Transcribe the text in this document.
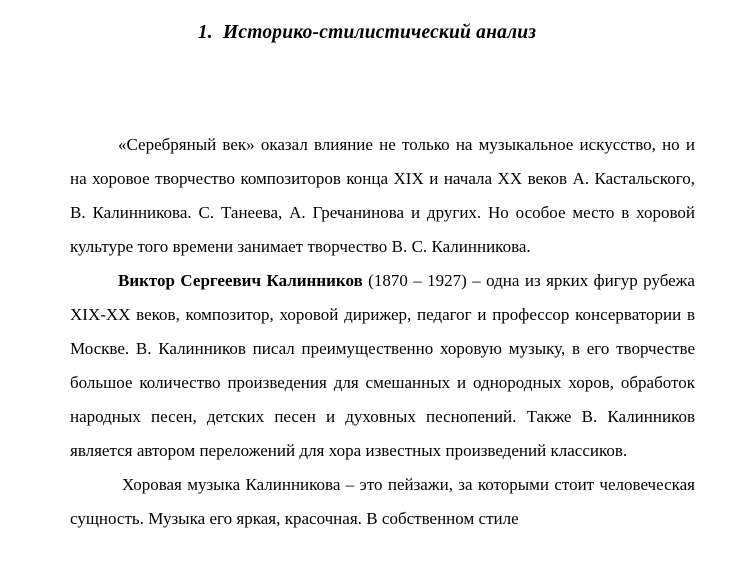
1.  Историко-стилистический анализ

«Серебряный век» оказал влияние не только на музыкальное искусство, но и на хоровое творчество композиторов конца XIX и начала XX веков А. Кастальского, В. Калинникова. С. Танеева, А. Гречанинова и других. Но особое место в хоровой культуре того времени занимает творчество В. С. Калинникова.

Виктор Сергеевич Калинников (1870 – 1927) – одна из ярких фигур рубежа XIX-XX веков, композитор, хоровой дирижер, педагог и профессор консерватории в Москве. В. Калинников писал преимущественно хоровую музыку, в его творчестве большое количество произведения для смешанных и однородных хоров, обработок народных песен, детских песен и духовных песнопений. Также В. Калинников является автором переложений для хора известных произведений классиков.

Хоровая музыка Калинникова – это пейзажи, за которыми стоит человеческая сущность. Музыка его яркая, красочная. В собственном стиле
